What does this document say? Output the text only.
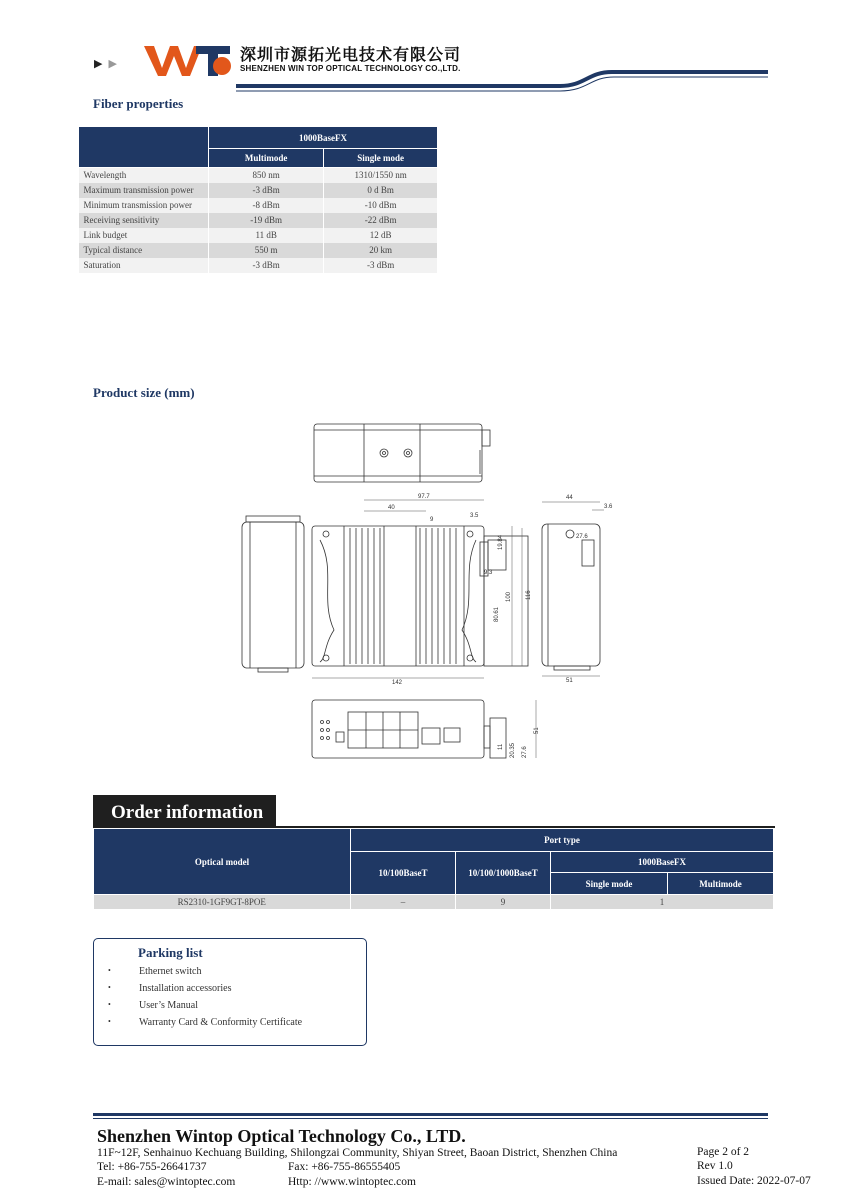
▶▶
WT
深圳市源拓光电技术有限公司
SHENZHEN WIN TOP OPTICAL TECHNOLOGY CO.,LTD.
Fiber properties
	1000BaseFX	
	Multimode	Single mode
Wavelength	850 nm	1310/1550 nm
Maximum transmission power	-3 dBm	0 d Bm
Minimum transmission power	-8 dBm	-10 dBm
Receiving sensitivity	-19 dBm	-22 dBm
Link budget	11 dB	12 dB
Typical distance	550 m	20 km
Saturation	-3 dBm	-3 dBm
Product size (mm)
97.7
40
9
3.5
19.84
9.3
80.61
100 116
142
44
3.6
27.6
51
11 20.35 27.6
51
Order information
Optical model	Port type			
	10/100BaseT	10/100/1000BaseT	1000BaseFX	
			Single mode	Multimode
RS2310-1GF9GT-8POE	–	9	1	
Parking list
•	Ethernet switch
•	Installation accessories
•	User’s Manual
•	Warranty Card & Conformity Certificate
Shenzhen Wintop Optical Technology Co., LTD.
11F~12F, Senhainuo Kechuang Building, Shilongzai Community, Shiyan Street, Baoan District, Shenzhen China
Tel: +86-755-26641737	Fax: +86-755-86555405
E-mail: sales@wintoptec.com	Http: //www.wintoptec.com
Page 2 of 2
Rev 1.0
Issued Date: 2022-07-07
